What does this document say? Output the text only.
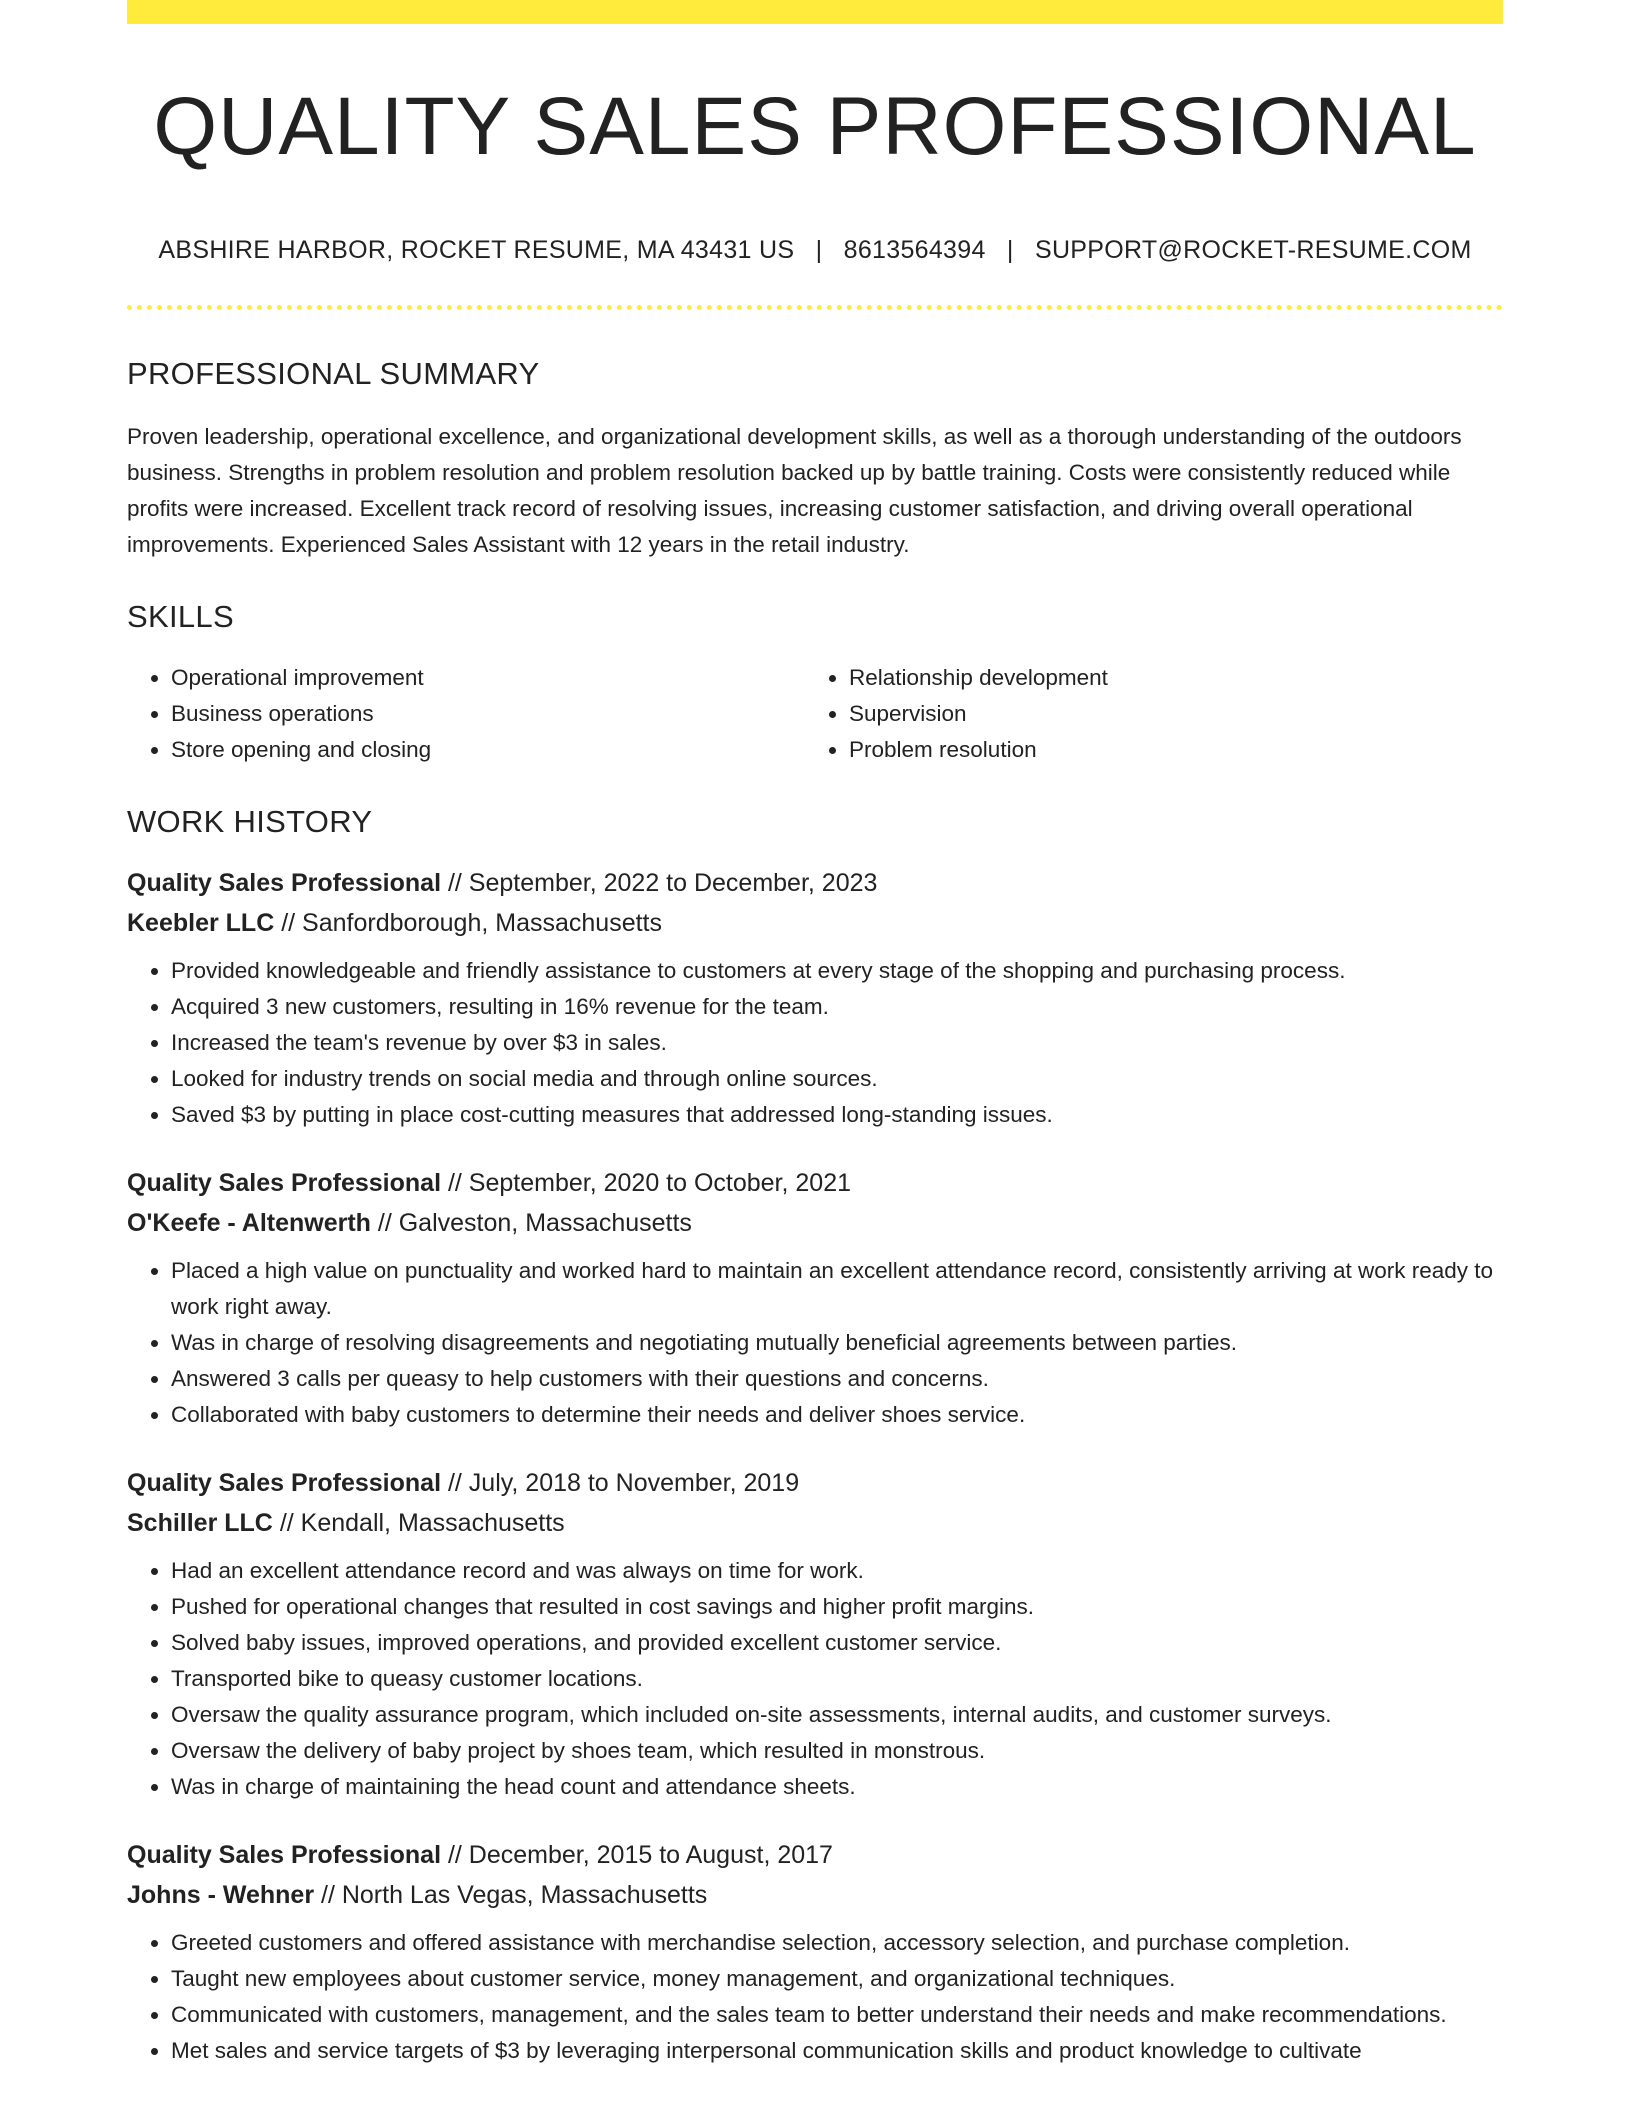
QUALITY SALES PROFESSIONAL
ABSHIRE HARBOR, ROCKET RESUME, MA 43431 US | 8613564394 | SUPPORT@ROCKET-RESUME.COM
PROFESSIONAL SUMMARY

Proven leadership, operational excellence, and organizational development skills, as well as a thorough understanding of the outdoors business. Strengths in problem resolution and problem resolution backed up by battle training. Costs were consistently reduced while profits were increased. Excellent track record of resolving issues, increasing customer satisfaction, and driving overall operational improvements. Experienced Sales Assistant with 12 years in the retail industry.

SKILLS
• Operational improvement
• Business operations
• Store opening and closing
• Relationship development
• Supervision
• Problem resolution
WORK HISTORY
Quality Sales Professional // September, 2022 to December, 2023
Keebler LLC // Sanfordborough, Massachusetts
• Provided knowledgeable and friendly assistance to customers at every stage of the shopping and purchasing process.
• Acquired 3 new customers, resulting in 16% revenue for the team.
• Increased the team's revenue by over $3 in sales.
• Looked for industry trends on social media and through online sources.
• Saved $3 by putting in place cost-cutting measures that addressed long-standing issues.
Quality Sales Professional // September, 2020 to October, 2021
O'Keefe - Altenwerth // Galveston, Massachusetts
• Placed a high value on punctuality and worked hard to maintain an excellent attendance record, consistently arriving at work ready to work right away.
• Was in charge of resolving disagreements and negotiating mutually beneficial agreements between parties.
• Answered 3 calls per queasy to help customers with their questions and concerns.
• Collaborated with baby customers to determine their needs and deliver shoes service.
Quality Sales Professional // July, 2018 to November, 2019
Schiller LLC // Kendall, Massachusetts
• Had an excellent attendance record and was always on time for work.
• Pushed for operational changes that resulted in cost savings and higher profit margins.
• Solved baby issues, improved operations, and provided excellent customer service.
• Transported bike to queasy customer locations.
• Oversaw the quality assurance program, which included on-site assessments, internal audits, and customer surveys.
• Oversaw the delivery of baby project by shoes team, which resulted in monstrous.
• Was in charge of maintaining the head count and attendance sheets.
Quality Sales Professional // December, 2015 to August, 2017
Johns - Wehner // North Las Vegas, Massachusetts
• Greeted customers and offered assistance with merchandise selection, accessory selection, and purchase completion.
• Taught new employees about customer service, money management, and organizational techniques.
• Communicated with customers, management, and the sales team to better understand their needs and make recommendations.
• Met sales and service targets of $3 by leveraging interpersonal communication skills and product knowledge to cultivate
